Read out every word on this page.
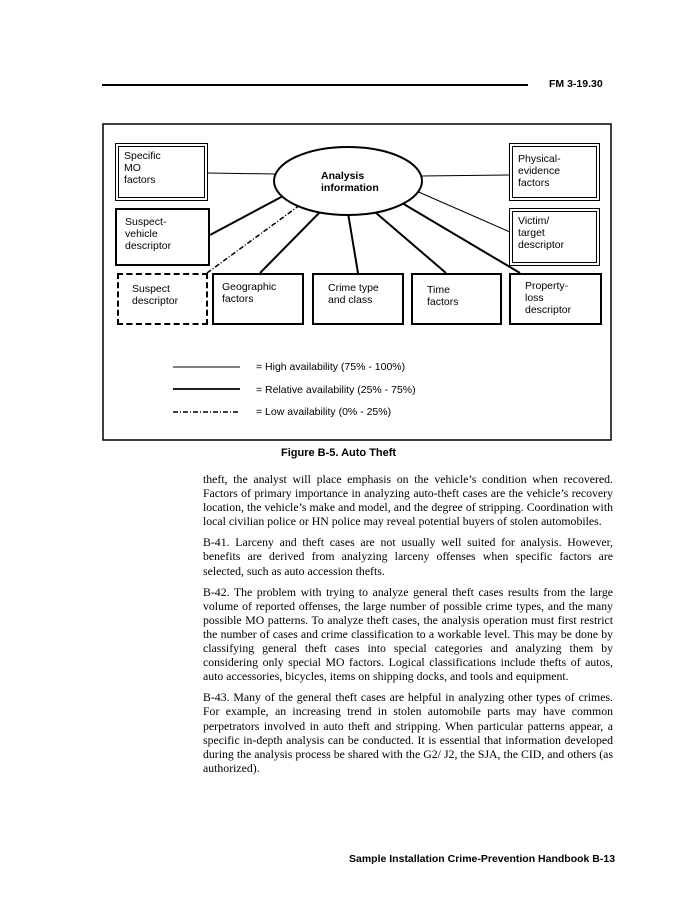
FM 3-19.30
Analysis
information
Specific
MO
factors
Suspect-
vehicle
descriptor
Suspect
descriptor
Geographic
factors
Crime type
and class
Time
factors
Property-
loss
descriptor
Physical-
evidence
factors
Victim/
target
descriptor
= High availability (75% - 100%)
= Relative availability (25% - 75%)
= Low availability (0% - 25%)
Figure B-5. Auto Theft

theft, the analyst will place emphasis on the vehicle’s condition when recovered. Factors of primary importance in analyzing auto-theft cases are the vehicle’s recovery location, the vehicle’s make and model, and the degree of stripping. Coordination with local civilian police or HN police may reveal potential buyers of stolen automobiles.

B-41. Larceny and theft cases are not usually well suited for analysis. However, benefits are derived from analyzing larceny offenses when specific factors are selected, such as auto accession thefts.

B-42. The problem with trying to analyze general theft cases results from the large volume of reported offenses, the large number of possible crime types, and the many possible MO patterns. To analyze theft cases, the analysis operation must first restrict the number of cases and crime classification to a workable level. This may be done by classifying general theft cases into special categories and analyzing them by considering only special MO factors. Logical classifications include thefts of autos, auto accessories, bicycles, items on shipping docks, and tools and equipment.

B-43. Many of the general theft cases are helpful in analyzing other types of crimes. For example, an increasing trend in stolen automobile parts may have common perpetrators involved in auto theft and stripping. When particular patterns appear, a specific in-depth analysis can be conducted. It is essential that information developed during the analysis process be shared with the G2/ J2, the SJA, the CID, and others (as authorized).

Sample Installation Crime-Prevention Handbook B-13
